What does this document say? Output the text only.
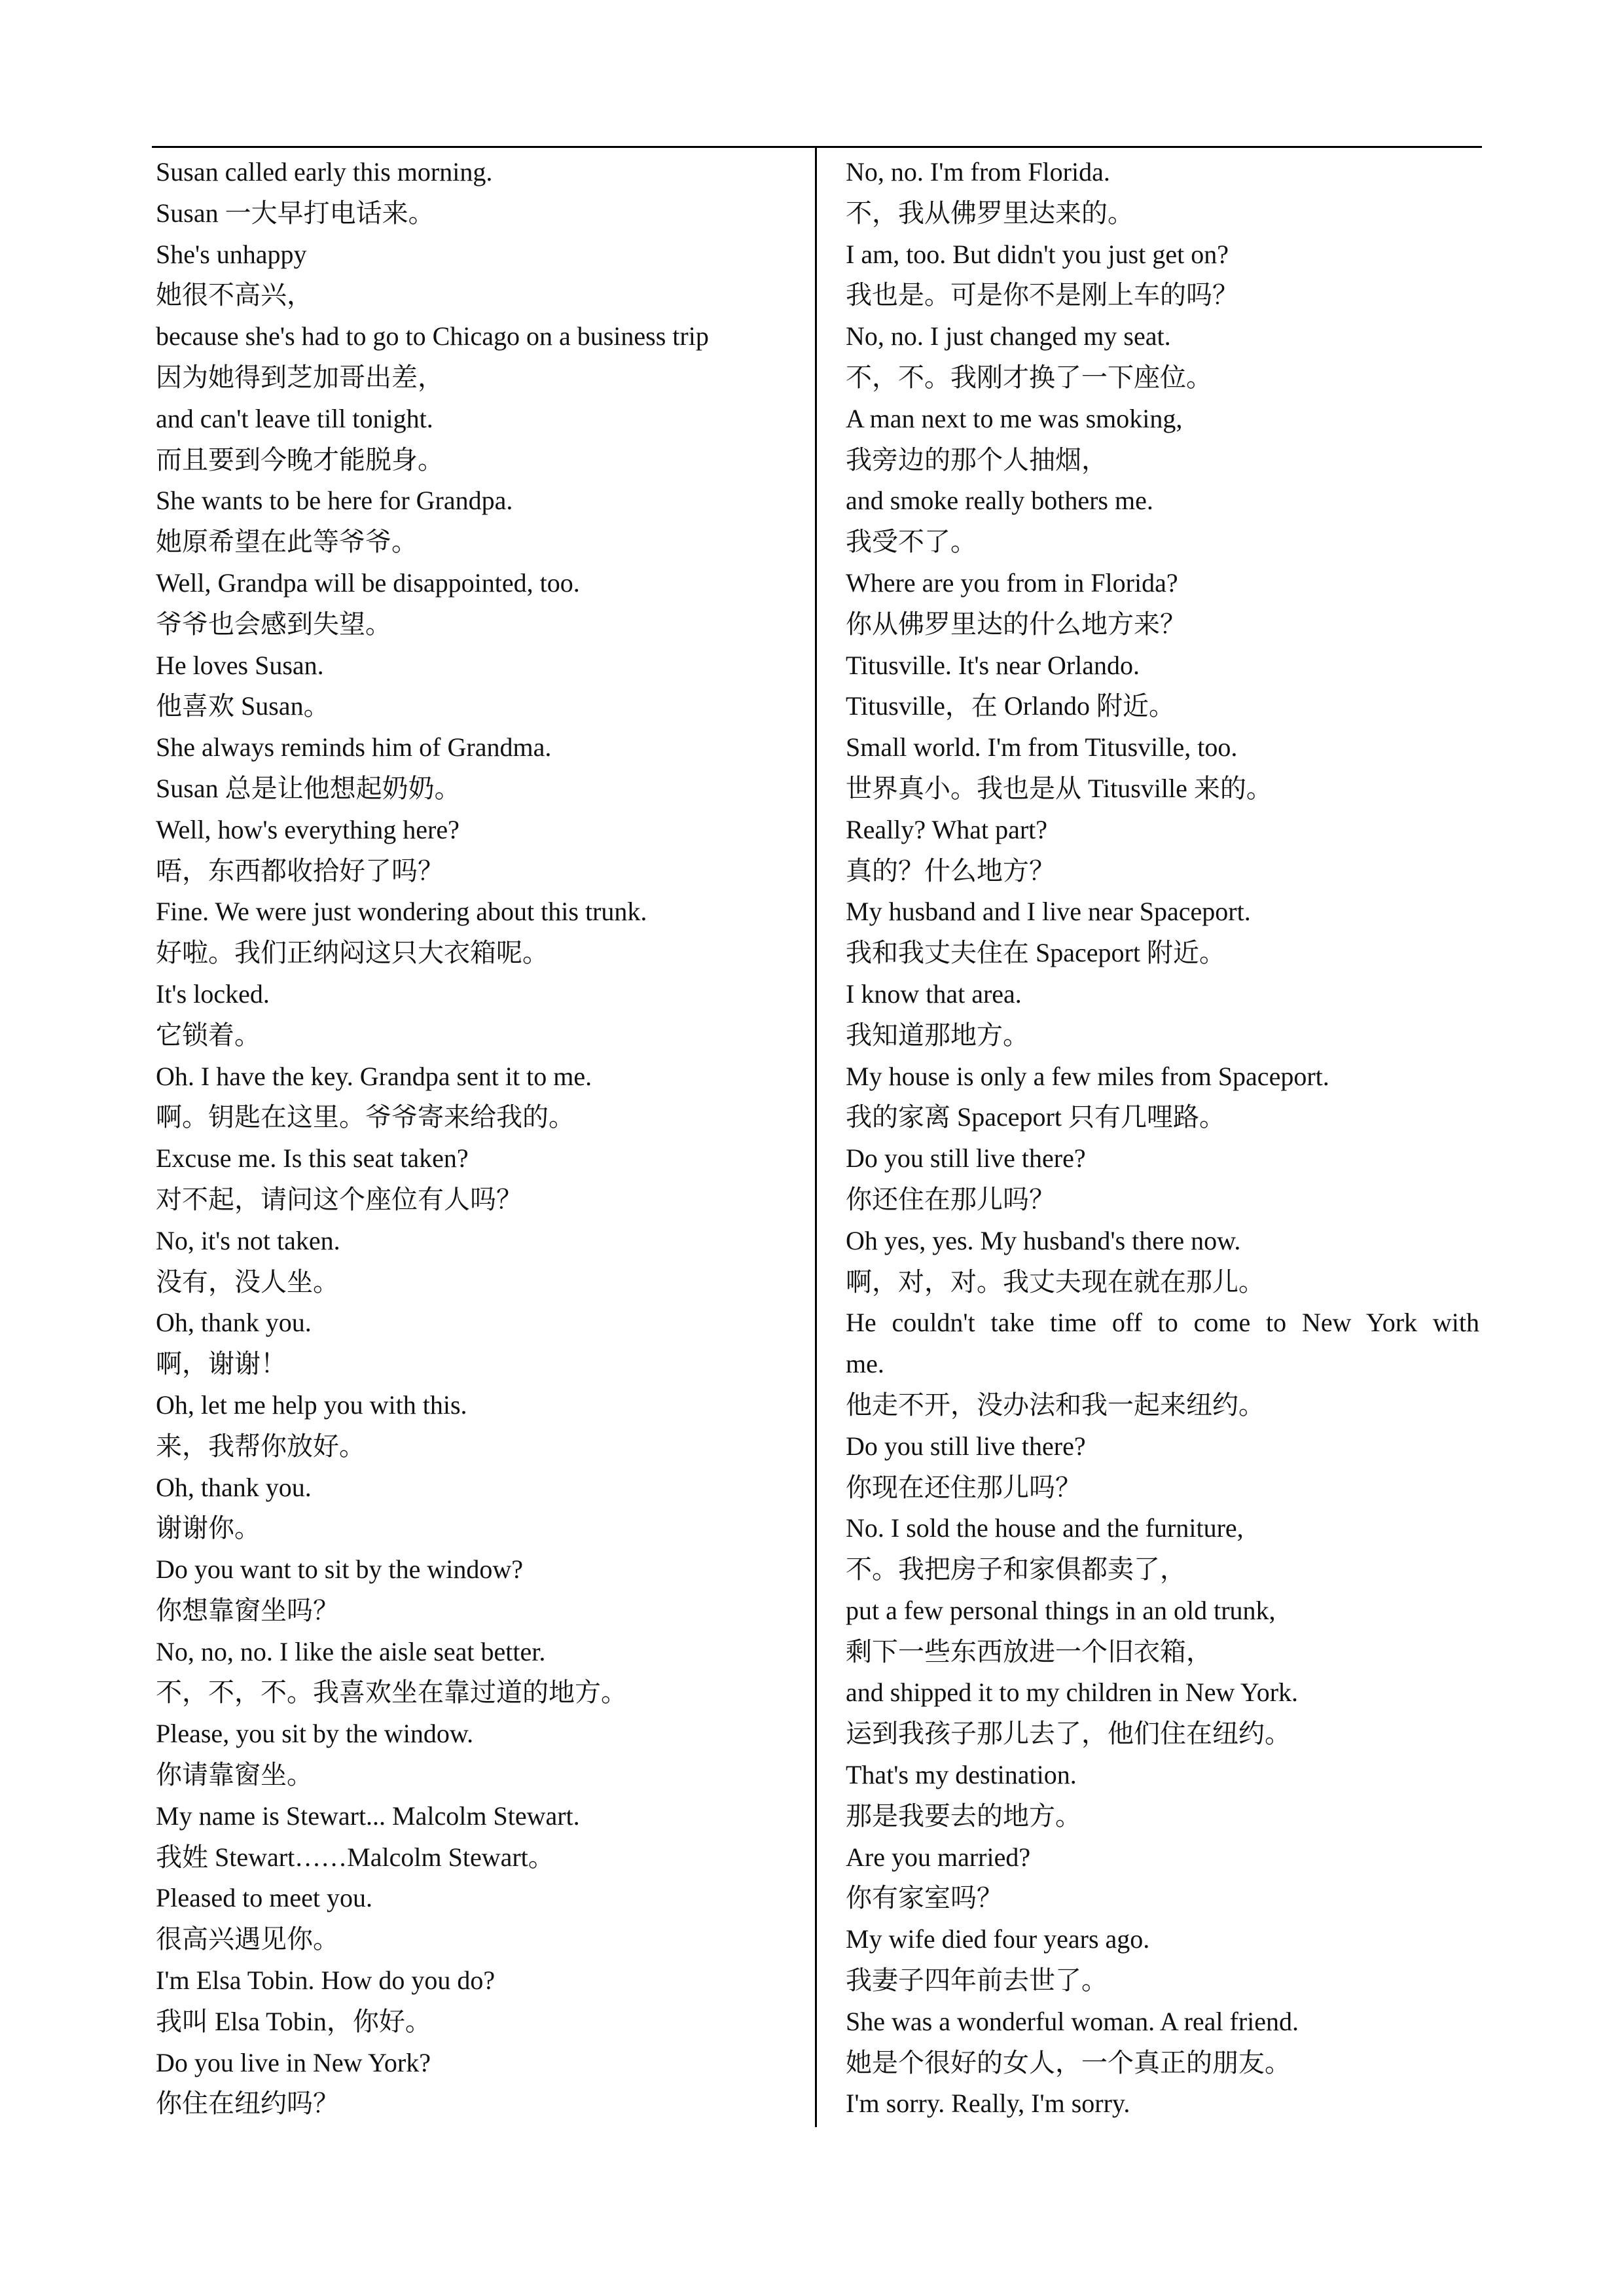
Susan called early this morning.
Susan 一大早打电话来。
She's unhappy
她很不高兴，
because she's had to go to Chicago on a business trip
因为她得到芝加哥出差，
and can't leave till tonight.
而且要到今晚才能脱身。
She wants to be here for Grandpa.
她原希望在此等爷爷。
Well, Grandpa will be disappointed, too.
爷爷也会感到失望。
He loves Susan.
他喜欢 Susan。
She always reminds him of Grandma.
Susan 总是让他想起奶奶。
Well, how's everything here?
唔，东西都收拾好了吗？
Fine. We were just wondering about this trunk.
好啦。我们正纳闷这只大衣箱呢。
It's locked.
它锁着。
Oh. I have the key. Grandpa sent it to me.
啊。钥匙在这里。爷爷寄来给我的。
Excuse me. Is this seat taken?
对不起，请问这个座位有人吗？
No, it's not taken.
没有，没人坐。
Oh, thank you.
啊，谢谢！
Oh, let me help you with this.
来，我帮你放好。
Oh, thank you.
谢谢你。
Do you want to sit by the window?
你想靠窗坐吗？
No, no, no. I like the aisle seat better.
不，不，不。我喜欢坐在靠过道的地方。
Please, you sit by the window.
你请靠窗坐。
My name is Stewart... Malcolm Stewart.
我姓 Stewart……Malcolm Stewart。
Pleased to meet you.
很高兴遇见你。
I'm Elsa Tobin. How do you do?
我叫 Elsa Tobin，你好。
Do you live in New York?
你住在纽约吗？
No, no. I'm from Florida.
不，我从佛罗里达来的。
I am, too. But didn't you just get on?
我也是。可是你不是刚上车的吗？
No, no. I just changed my seat.
不，不。我刚才换了一下座位。
A man next to me was smoking,
我旁边的那个人抽烟，
and smoke really bothers me.
我受不了。
Where are you from in Florida?
你从佛罗里达的什么地方来？
Titusville. It's near Orlando.
Titusville，在 Orlando 附近。
Small world. I'm from Titusville, too.
世界真小。我也是从 Titusville 来的。
Really? What part?
真的？什么地方？
My husband and I live near Spaceport.
我和我丈夫住在 Spaceport 附近。
I know that area.
我知道那地方。
My house is only a few miles from Spaceport.
我的家离 Spaceport 只有几哩路。
Do you still live there?
你还住在那儿吗？
Oh yes, yes. My husband's there now.
啊，对，对。我丈夫现在就在那儿。
He couldn't take time off to come to New York with
me.
他走不开，没办法和我一起来纽约。
Do you still live there?
你现在还住那儿吗？
No. I sold the house and the furniture,
不。我把房子和家俱都卖了，
put a few personal things in an old trunk,
剩下一些东西放进一个旧衣箱，
and shipped it to my children in New York.
运到我孩子那儿去了，他们住在纽约。
That's my destination.
那是我要去的地方。
Are you married?
你有家室吗？
My wife died four years ago.
我妻子四年前去世了。
She was a wonderful woman. A real friend.
她是个很好的女人，一个真正的朋友。
I'm sorry. Really, I'm sorry.
